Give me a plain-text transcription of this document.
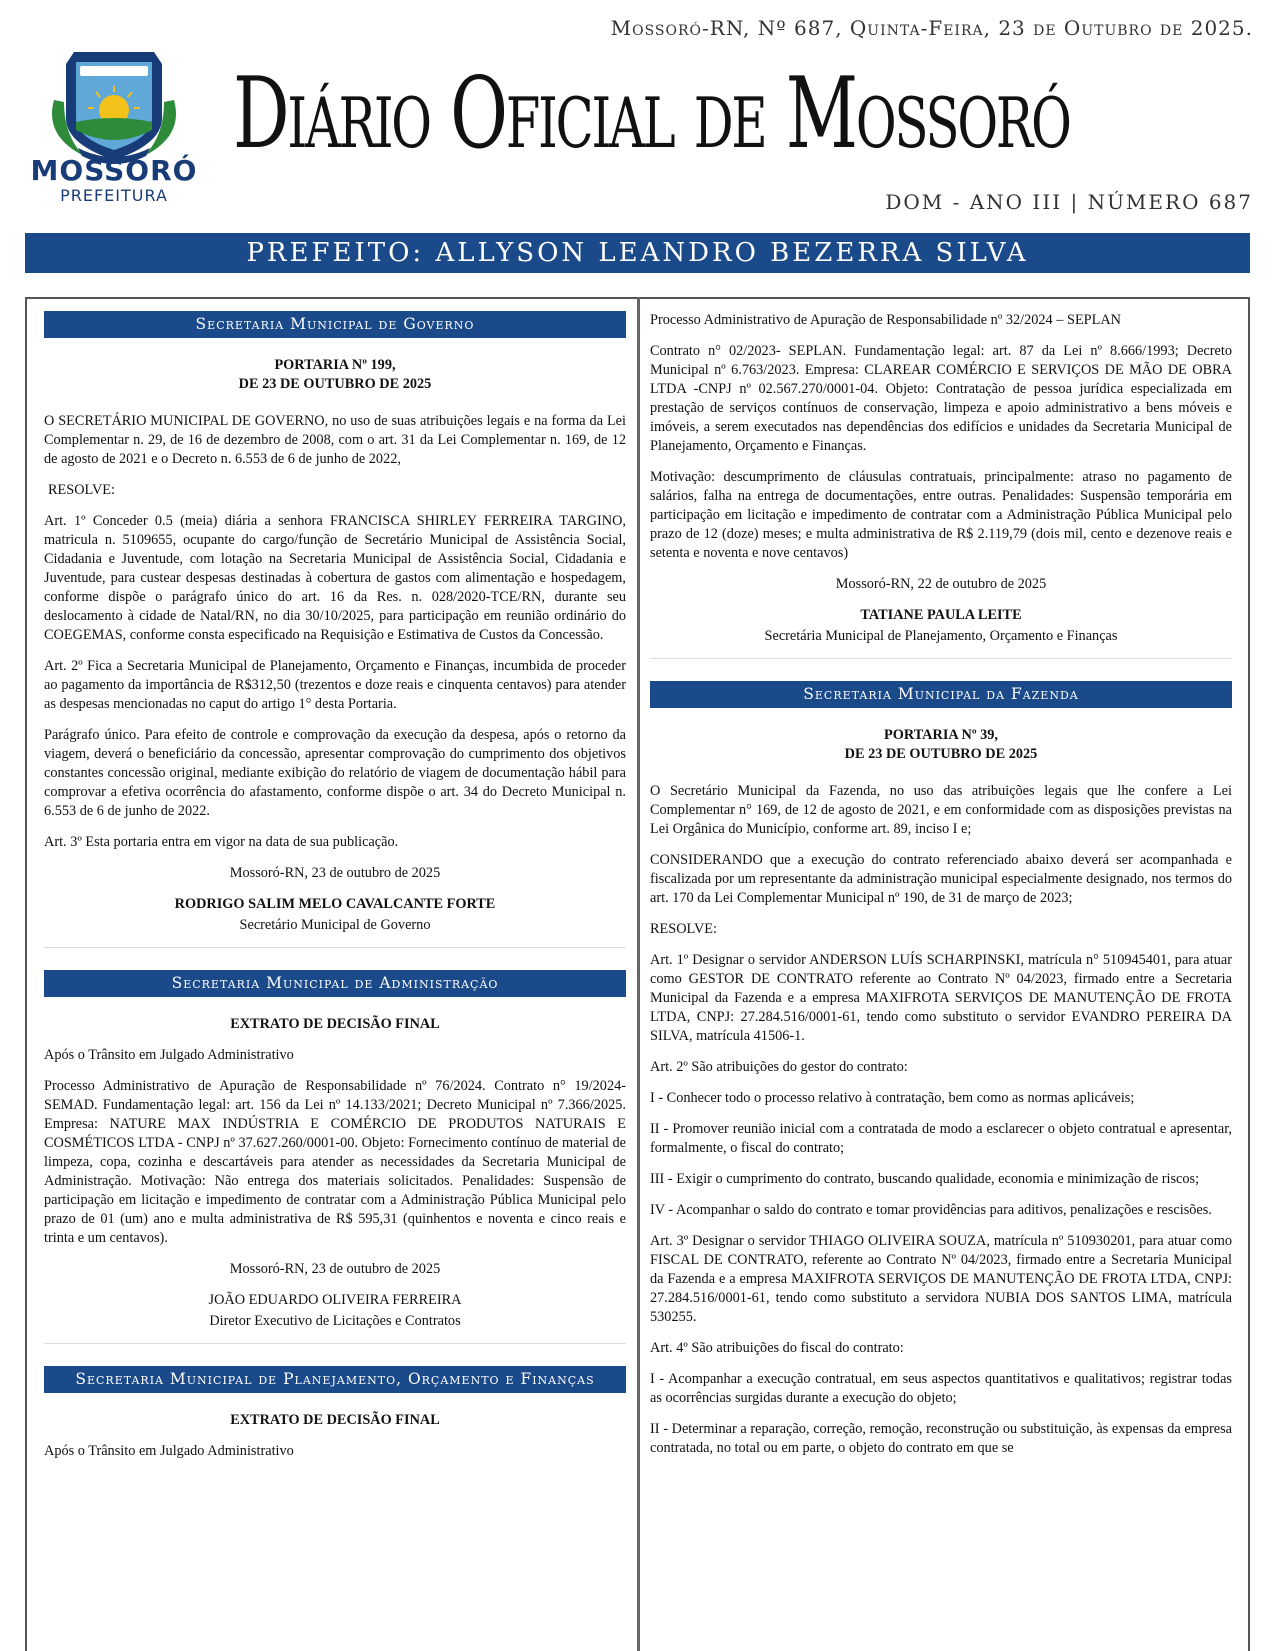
Mossoró-RN, Nº 687, Quinta-Feira, 23 de Outubro de 2025.
MOSSORÓ
PREFEITURA
Diário Oficial de Mossoró
DOM - ANO III | NÚMERO 687
PREFEITO: ALLYSON LEANDRO BEZERRA SILVA
Secretaria Municipal de Governo

PORTARIA Nº 199,

DE 23 DE OUTUBRO DE 2025

O SECRETÁRIO MUNICIPAL DE GOVERNO, no uso de suas atribuições legais e na forma da Lei Complementar n. 29, de 16 de dezembro de 2008, com o art. 31 da Lei Complementar n. 169, de 12 de agosto de 2021 e o Decreto n. 6.553 de 6 de junho de 2022,

RESOLVE:

Art. 1º Conceder 0.5 (meia) diária a senhora FRANCISCA SHIRLEY FERREIRA TARGINO, matricula n. 5109655, ocupante do cargo/função de Secretário Municipal de Assistência Social, Cidadania e Juventude, com lotação na Secretaria Municipal de Assistência Social, Cidadania e Juventude, para custear despesas destinadas à cobertura de gastos com alimentação e hospedagem, conforme dispõe o parágrafo único do art. 16 da Res. n. 028/2020-TCE/RN, durante seu deslocamento à cidade de Natal/RN, no dia 30/10/2025, para participação em reunião ordinário do COEGEMAS, conforme consta especificado na Requisição e Estimativa de Custos da Concessão.

Art. 2º Fica a Secretaria Municipal de Planejamento, Orçamento e Finanças, incumbida de proceder ao pagamento da importância de R$312,50 (trezentos e doze reais e cinquenta centavos) para atender as despesas mencionadas no caput do artigo 1° desta Portaria.

Parágrafo único. Para efeito de controle e comprovação da execução da despesa, após o retorno da viagem, deverá o beneficiário da concessão, apresentar comprovação do cumprimento dos objetivos constantes concessão original, mediante exibição do relatório de viagem de documentação hábil para comprovar a efetiva ocorrência do afastamento, conforme dispõe o art. 34 do Decreto Municipal n. 6.553 de 6 de junho de 2022.

Art. 3º Esta portaria entra em vigor na data de sua publicação.

Mossoró-RN, 23 de outubro de 2025

RODRIGO SALIM MELO CAVALCANTE FORTE

Secretário Municipal de Governo

Secretaria Municipal de Administração

EXTRATO DE DECISÃO FINAL

Após o Trânsito em Julgado Administrativo

Processo Administrativo de Apuração de Responsabilidade nº 76/2024. Contrato n° 19/2024- SEMAD. Fundamentação legal: art. 156 da Lei nº 14.133/2021; Decreto Municipal nº 7.366/2025. Empresa: NATURE MAX INDÚSTRIA E COMÉRCIO DE PRODUTOS NATURAIS E COSMÉTICOS LTDA - CNPJ nº 37.627.260/0001-00. Objeto: Fornecimento contínuo de material de limpeza, copa, cozinha e descartáveis para atender as necessidades da Secretaria Municipal de Administração. Motivação: Não entrega dos materiais solicitados. Penalidades: Suspensão de participação em licitação e impedimento de contratar com a Administração Pública Municipal pelo prazo de 01 (um) ano e multa administrativa de R$ 595,31 (quinhentos e noventa e cinco reais e trinta e um centavos).

Mossoró-RN, 23 de outubro de 2025

JOÃO EDUARDO OLIVEIRA FERREIRA

Diretor Executivo de Licitações e Contratos

Secretaria Municipal de Planejamento, Orçamento e Finanças

EXTRATO DE DECISÃO FINAL

Após o Trânsito em Julgado Administrativo

Processo Administrativo de Apuração de Responsabilidade nº 32/2024 – SEPLAN

Contrato n° 02/2023- SEPLAN. Fundamentação legal: art. 87 da Lei nº 8.666/1993; Decreto Municipal nº 6.763/2023. Empresa: CLAREAR COMÉRCIO E SERVIÇOS DE MÃO DE OBRA LTDA -CNPJ nº 02.567.270/0001-04. Objeto: Contratação de pessoa jurídica especializada em prestação de serviços contínuos de conservação, limpeza e apoio administrativo a bens móveis e imóveis, a serem executados nas dependências dos edifícios e unidades da Secretaria Municipal de Planejamento, Orçamento e Finanças.

Motivação: descumprimento de cláusulas contratuais, principalmente: atraso no pagamento de salários, falha na entrega de documentações, entre outras. Penalidades: Suspensão temporária em participação em licitação e impedimento de contratar com a Administração Pública Municipal pelo prazo de 12 (doze) meses; e multa administrativa de R$ 2.119,79 (dois mil, cento e dezenove reais e setenta e noventa e nove centavos)

Mossoró-RN, 22 de outubro de 2025

TATIANE PAULA LEITE

Secretária Municipal de Planejamento, Orçamento e Finanças

Secretaria Municipal da Fazenda

PORTARIA Nº 39,

DE 23 DE OUTUBRO DE 2025

O Secretário Municipal da Fazenda, no uso das atribuições legais que lhe confere a Lei Complementar n° 169, de 12 de agosto de 2021, e em conformidade com as disposições previstas na Lei Orgânica do Município, conforme art. 89, inciso I e;

CONSIDERANDO que a execução do contrato referenciado abaixo deverá ser acompanhada e fiscalizada por um representante da administração municipal especialmente designado, nos termos do art. 170 da Lei Complementar Municipal nº 190, de 31 de março de 2023;

RESOLVE:

Art. 1º Designar o servidor ANDERSON LUÍS SCHARPINSKI, matrícula n° 510945401, para atuar como GESTOR DE CONTRATO referente ao Contrato Nº 04/2023, firmado entre a Secretaria Municipal da Fazenda e a empresa MAXIFROTA SERVIÇOS DE MANUTENÇÃO DE FROTA LTDA, CNPJ: 27.284.516/0001-61, tendo como substituto o servidor EVANDRO PEREIRA DA SILVA, matrícula 41506-1.

Art. 2º São atribuições do gestor do contrato:

I - Conhecer todo o processo relativo à contratação, bem como as normas aplicáveis;

II - Promover reunião inicial com a contratada de modo a esclarecer o objeto contratual e apresentar, formalmente, o fiscal do contrato;

III - Exigir o cumprimento do contrato, buscando qualidade, economia e minimização de riscos;

IV - Acompanhar o saldo do contrato e tomar providências para aditivos, penalizações e rescisões.

Art. 3º Designar o servidor THIAGO OLIVEIRA SOUZA, matrícula nº 510930201, para atuar como FISCAL DE CONTRATO, referente ao Contrato Nº 04/2023, firmado entre a Secretaria Municipal da Fazenda e a empresa MAXIFROTA SERVIÇOS DE MANUTENÇÃO DE FROTA LTDA, CNPJ: 27.284.516/0001-61, tendo como substituto a servidora NUBIA DOS SANTOS LIMA, matrícula 530255.

Art. 4º São atribuições do fiscal do contrato:

I - Acompanhar a execução contratual, em seus aspectos quantitativos e qualitativos; registrar todas as ocorrências surgidas durante a execução do objeto;

II - Determinar a reparação, correção, remoção, reconstrução ou substituição, às expensas da empresa contratada, no total ou em parte, o objeto do contrato em que se
